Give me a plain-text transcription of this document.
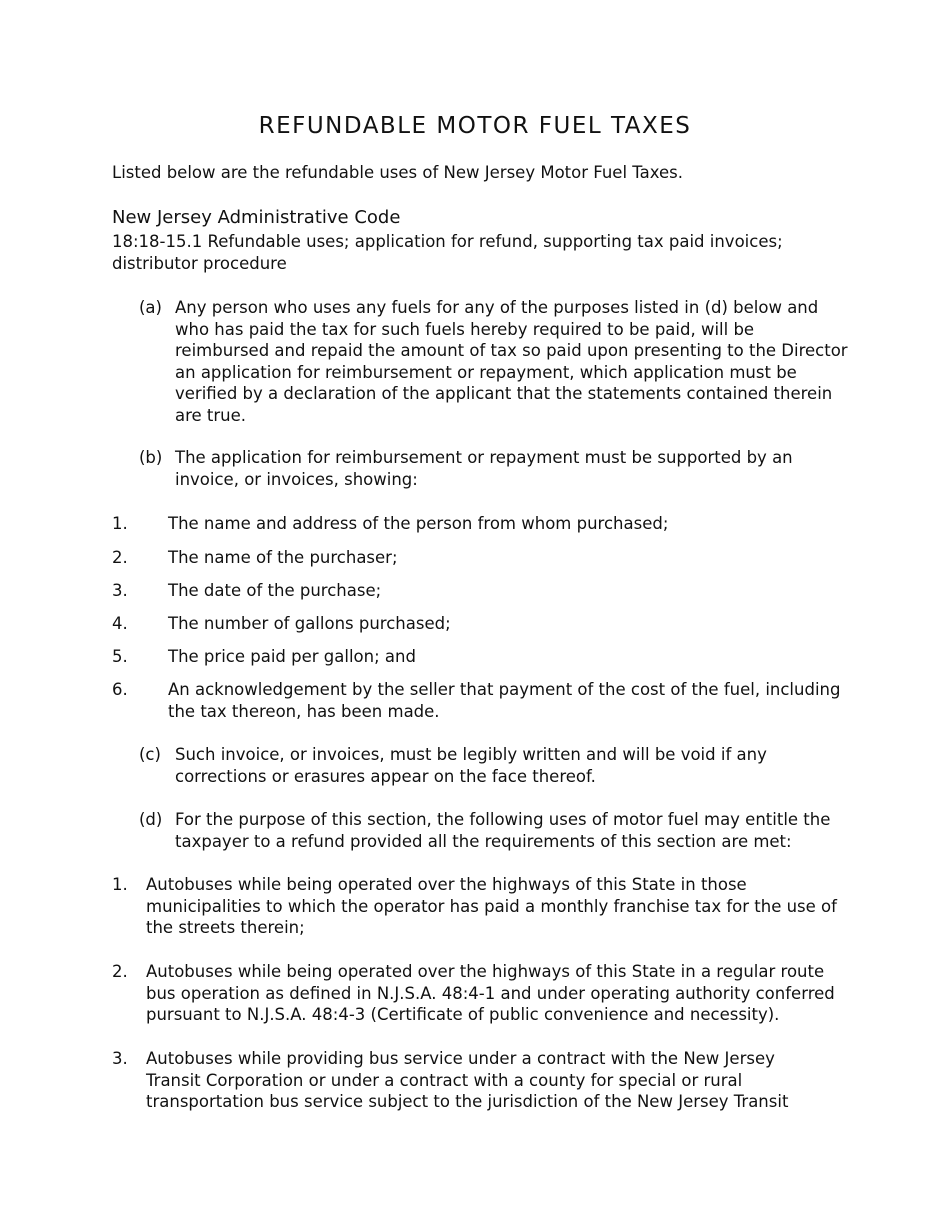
REFUNDABLE MOTOR FUEL TAXES
Listed below are the refundable uses of New Jersey Motor Fuel Taxes.
New Jersey Administrative Code
18:18-15.1 Refundable uses; application for refund, supporting tax paid invoices;
distributor procedure
(a) Any person who uses any fuels for any of the purposes listed in (d) below and
who has paid the tax for such fuels hereby required to be paid, will be
reimbursed and repaid the amount of tax so paid upon presenting to the Director
an application for reimbursement or repayment, which application must be
verified by a declaration of the applicant that the statements contained therein
are true.
(b) The application for reimbursement or repayment must be supported by an
invoice, or invoices, showing:
1. The name and address of the person from whom purchased;
2. The name of the purchaser;
3. The date of the purchase;
4. The number of gallons purchased;
5. The price paid per gallon; and
6. An acknowledgement by the seller that payment of the cost of the fuel, including
the tax thereon, has been made.
(c) Such invoice, or invoices, must be legibly written and will be void if any
corrections or erasures appear on the face thereof.
(d) For the purpose of this section, the following uses of motor fuel may entitle the
taxpayer to a refund provided all the requirements of this section are met:
1. Autobuses while being operated over the highways of this State in those
municipalities to which the operator has paid a monthly franchise tax for the use of
the streets therein;
2. Autobuses while being operated over the highways of this State in a regular route
bus operation as defined in N.J.S.A. 48:4-1 and under operating authority conferred
pursuant to N.J.S.A. 48:4-3 (Certificate of public convenience and necessity).
3. Autobuses while providing bus service under a contract with the New Jersey
Transit Corporation or under a contract with a county for special or rural
transportation bus service subject to the jurisdiction of the New Jersey Transit
